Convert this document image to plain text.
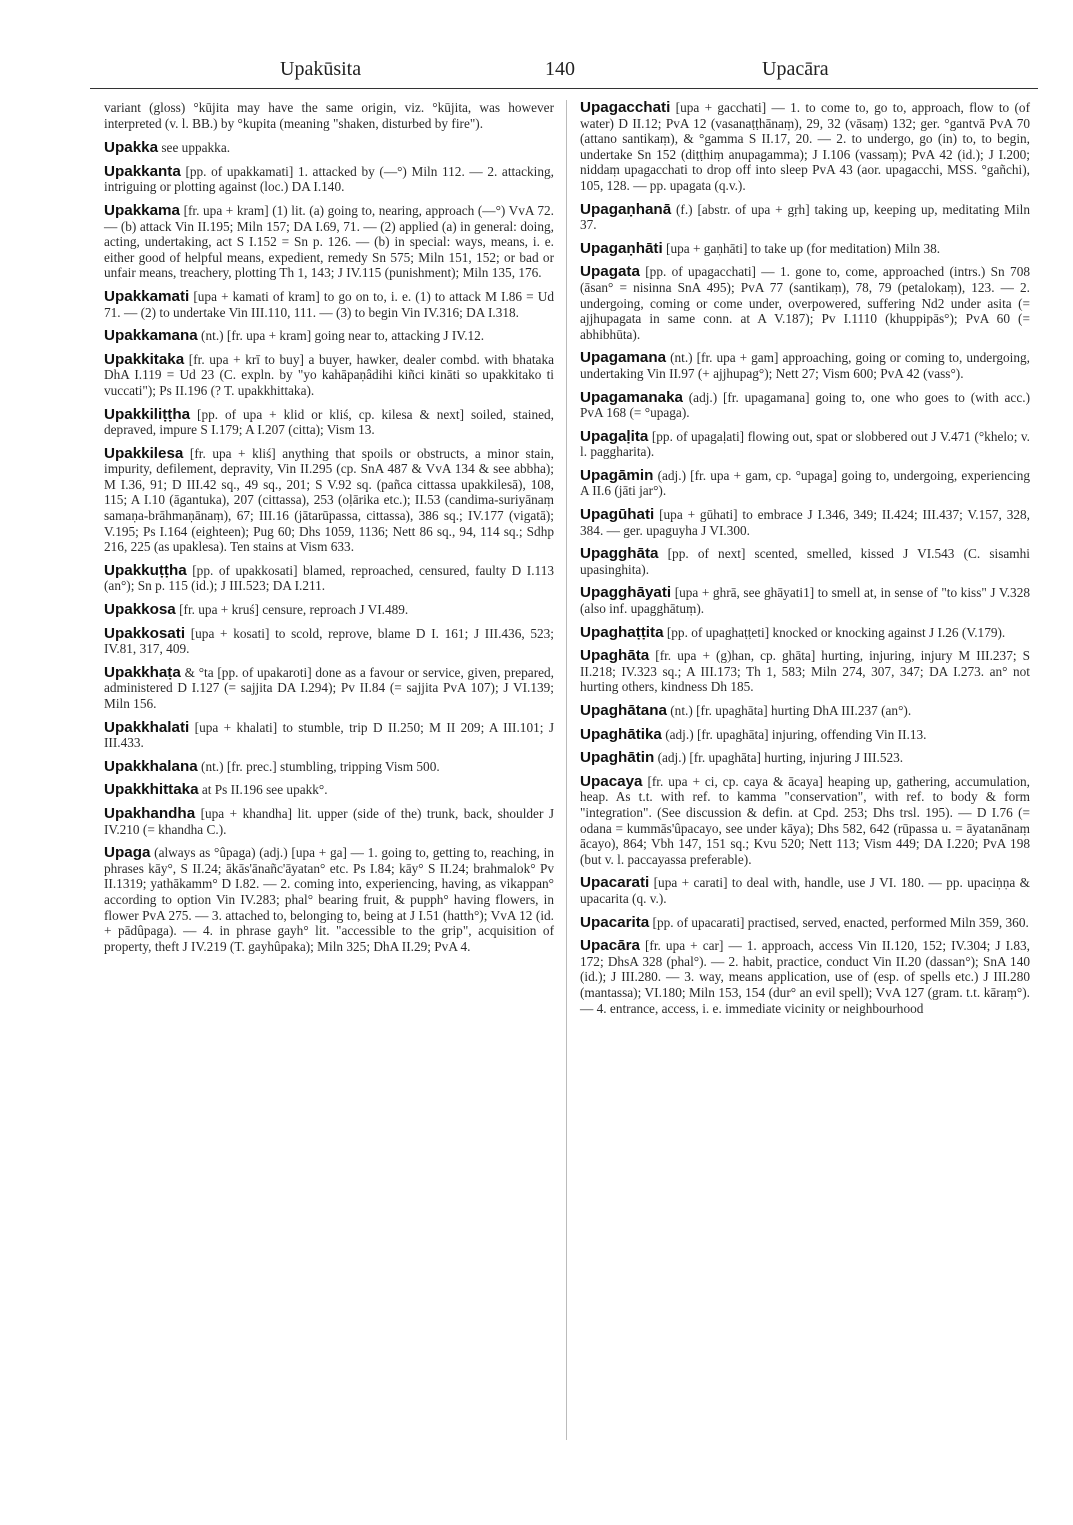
Upakūsita	140	Upacāra

variant (gloss) °kūjita may have the same origin, viz. °kūjita, was however interpreted (v. l. BB.) by °kupita (meaning "shaken, disturbed by fire").

Upakka see uppakka.

Upakkanta [pp. of upakkamati] 1. attacked by (—°) Miln 112. — 2. attacking, intriguing or plotting against (loc.) DA I.140.

Upakkama [fr. upa + kram] (1) lit. (a) going to, nearing, approach (—°) VvA 72. — (b) attack Vin II.195; Miln 157; DA I.69, 71. — (2) applied (a) in general: doing, acting, undertaking, act S I.152 = Sn p. 126. — (b) in special: ways, means, i. e. either good of helpful means, expedient, remedy Sn 575; Miln 151, 152; or bad or unfair means, treachery, plotting Th 1, 143; J IV.115 (punishment); Miln 135, 176.

Upakkamati [upa + kamati of kram] to go on to, i. e. (1) to attack M I.86 = Ud 71. — (2) to undertake Vin III.110, 111. — (3) to begin Vin IV.316; DA I.318.

Upakkamana (nt.) [fr. upa + kram] going near to, attacking J IV.12.

Upakkitaka [fr. upa + krī to buy] a buyer, hawker, dealer combd. with bhataka DhA I.119 = Ud 23 (C. expln. by "yo kahāpaṇâdihi kiñci kināti so upakkitako ti vuccati"); Ps II.196 (? T. upakkhittaka).

Upakkiliṭṭha [pp. of upa + klid or kliś, cp. kilesa & next] soiled, stained, depraved, impure S I.179; A I.207 (citta); Vism 13.

Upakkilesa [fr. upa + kliś] anything that spoils or obstructs, a minor stain, impurity, defilement, depravity, Vin II.295 (cp. SnA 487 & VvA 134 & see abbha); M I.36, 91; D III.42 sq., 49 sq., 201; S V.92 sq. (pañca cittassa upakkilesā), 108, 115; A I.10 (āgantuka), 207 (cittassa), 253 (oḷārika etc.); II.53 (candima-suriyānaṃ samaṇa-brāhmaṇānaṃ), 67; III.16 (jātarūpassa, cittassa), 386 sq.; IV.177 (vigatā); V.195; Ps I.164 (eighteen); Pug 60; Dhs 1059, 1136; Nett 86 sq., 94, 114 sq.; Sdhp 216, 225 (as upaklesa). Ten stains at Vism 633.

Upakkuṭṭha [pp. of upakkosati] blamed, reproached, censured, faulty D I.113 (an°); Sn p. 115 (id.); J III.523; DA I.211.

Upakkosa [fr. upa + kruś] censure, reproach J VI.489.

Upakkosati [upa + kosati] to scold, reprove, blame D I. 161; J III.436, 523; IV.81, 317, 409.

Upakkhaṭa & °ta [pp. of upakaroti] done as a favour or service, given, prepared, administered D I.127 (= sajjita DA I.294); Pv II.84 (= sajjita PvA 107); J VI.139; Miln 156.

Upakkhalati [upa + khalati] to stumble, trip D II.250; M II 209; A III.101; J III.433.

Upakkhalana (nt.) [fr. prec.] stumbling, tripping Vism 500.

Upakkhittaka at Ps II.196 see upakk°.

Upakhandha [upa + khandha] lit. upper (side of the) trunk, back, shoulder J IV.210 (= khandha C.).

Upaga (always as °ûpaga) (adj.) [upa + ga] — 1. going to, getting to, reaching, in phrases kāy°, S II.24; ākās'ānañc'āyatan° etc. Ps I.84; kāy° S II.24; brahmalok° Pv II.1319; yathākamm° D I.82. — 2. coming into, experiencing, having, as vikappan° according to option Vin IV.283; phal° bearing fruit, & pupph° having flowers, in flower PvA 275. — 3. attached to, belonging to, being at J I.51 (hatth°); VvA 12 (id. + pādûpaga). — 4. in phrase gayh° lit. "accessible to the grip", acquisition of property, theft J IV.219 (T. gayhûpaka); Miln 325; DhA II.29; PvA 4.

Upagacchati [upa + gacchati] — 1. to come to, go to, approach, flow to (of water) D II.12; PvA 12 (vasanaṭṭhānaṃ), 29, 32 (vāsaṃ) 132; ger. °gantvā PvA 70 (attano santikaṃ), & °gamma S II.17, 20. — 2. to undergo, go (in) to, to begin, undertake Sn 152 (diṭṭhiṃ anupagamma); J I.106 (vassaṃ); PvA 42 (id.); J I.200; niddaṃ upagacchati to drop off into sleep PvA 43 (aor. upagacchi, MSS. °gañchi), 105, 128. — pp. upagata (q.v.).

Upagaṇhanā (f.) [abstr. of upa + gṛh] taking up, keeping up, meditating Miln 37.

Upagaṇhāti [upa + gaṇhāti] to take up (for meditation) Miln 38.

Upagata [pp. of upagacchati] — 1. gone to, come, approached (intrs.) Sn 708 (āsan° = nisinna SnA 495); PvA 77 (santikaṃ), 78, 79 (petalokaṃ), 123. — 2. undergoing, coming or come under, overpowered, suffering Nd2 under asita (= ajjhupagata in same conn. at A V.187); Pv I.1110 (khuppipās°); PvA 60 (= abhibhūta).

Upagamana (nt.) [fr. upa + gam] approaching, going or coming to, undergoing, undertaking Vin II.97 (+ ajjhupag°); Nett 27; Vism 600; PvA 42 (vass°).

Upagamanaka (adj.) [fr. upagamana] going to, one who goes to (with acc.) PvA 168 (= °upaga).

Upagaḷita [pp. of upagaḷati] flowing out, spat or slobbered out J V.471 (°khelo; v. l. paggharita).

Upagāmin (adj.) [fr. upa + gam, cp. °upaga] going to, undergoing, experiencing A II.6 (jāti jar°).

Upagūhati [upa + gūhati] to embrace J I.346, 349; II.424; III.437; V.157, 328, 384. — ger. upaguyha J VI.300.

Upagghāta [pp. of next] scented, smelled, kissed J VI.543 (C. sisamhi upasinghita).

Upagghāyati [upa + ghrā, see ghāyati1] to smell at, in sense of "to kiss" J V.328 (also inf. upagghātuṃ).

Upaghaṭṭita [pp. of upaghaṭṭeti] knocked or knocking against J I.26 (V.179).

Upaghāta [fr. upa + (g)han, cp. ghāta] hurting, injuring, injury M III.237; S II.218; IV.323 sq.; A III.173; Th 1, 583; Miln 274, 307, 347; DA I.273. an° not hurting others, kindness Dh 185.

Upaghātana (nt.) [fr. upaghāta] hurting DhA III.237 (an°).

Upaghātika (adj.) [fr. upaghāta] injuring, offending Vin II.13.

Upaghātin (adj.) [fr. upaghāta] hurting, injuring J III.523.

Upacaya [fr. upa + ci, cp. caya & ācaya] heaping up, gathering, accumulation, heap. As t.t. with ref. to kamma "conservation", with ref. to body & form "integration". (See discussion & defin. at Cpd. 253; Dhs trsl. 195). — D I.76 (= odana = kummās'ûpacayo, see under kāya); Dhs 582, 642 (rūpassa u. = āyatanānaṃ ācayo), 864; Vbh 147, 151 sq.; Kvu 520; Nett 113; Vism 449; DA I.220; PvA 198 (but v. l. paccayassa preferable).

Upacarati [upa + carati] to deal with, handle, use J VI. 180. — pp. upaciṇṇa & upacarita (q. v.).

Upacarita [pp. of upacarati] practised, served, enacted, performed Miln 359, 360.

Upacāra [fr. upa + car] — 1. approach, access Vin II.120, 152; IV.304; J I.83, 172; DhsA 328 (phal°). — 2. habit, practice, conduct Vin II.20 (dassan°); SnA 140 (id.); J III.280. — 3. way, means application, use of (esp. of spells etc.) J III.280 (mantassa); VI.180; Miln 153, 154 (dur° an evil spell); VvA 127 (gram. t.t. kāraṃ°). — 4. entrance, access, i. e. immediate vicinity or neighbourhood
